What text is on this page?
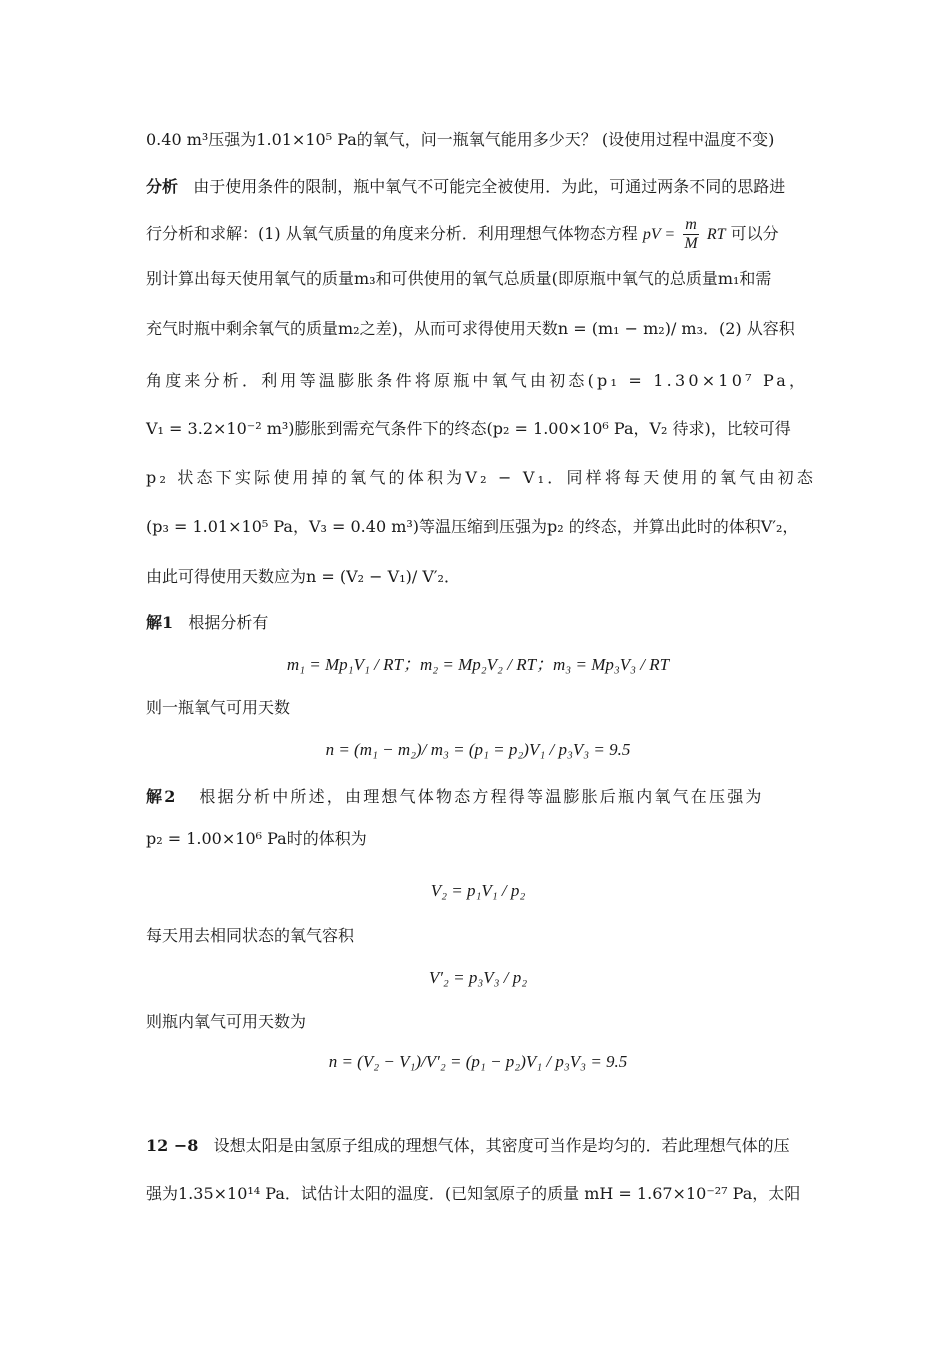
0.40 m³压强为1.01×10⁵ Pa的氧气，问一瓶氧气能用多少天？ (设使用过程中温度不变)
分析 由于使用条件的限制，瓶中氧气不可能完全被使用．为此，可通过两条不同的思路进
行分析和求解：(1) 从氧气质量的角度来分析．利用理想气体物态方程 pV = $\frac{m}{M}$ RT 可以分
别计算出每天使用氧气的质量m₃和可供使用的氧气总质量(即原瓶中氧气的总质量m₁和需
充气时瓶中剩余氧气的质量m₂之差)，从而可求得使用天数n = (m₁ − m₂)/ m₃．(2) 从容积
角度来分析．利用等温膨胀条件将原瓶中氧气由初态(p₁ = 1.30×10⁷ Pa，
V₁ = 3.2×10⁻² m³)膨胀到需充气条件下的终态(p₂ = 1.00×10⁶ Pa，V₂ 待求)，比较可得
p₂ 状态下实际使用掉的氧气的体积为V₂ − V₁．同样将每天使用的氧气由初态
(p₃ = 1.01×10⁵ Pa，V₃ = 0.40 m³)等温压缩到压强为p₂ 的终态，并算出此时的体积V′₂，
由此可得使用天数应为n = (V₂ − V₁)/ V′₂．
解1 根据分析有
m₁ = Mp₁V₁ / RT；m₂ = Mp₂V₂ / RT；m₃ = Mp₃V₃ / RT
则一瓶氧气可用天数
n = (m₁ − m₂)/ m₃ = (p₁ = p₂)V₁ / p₃V₃ = 9.5
解2 根据分析中所述，由理想气体物态方程得等温膨胀后瓶内氧气在压强为
p₂ = 1.00×10⁶ Pa时的体积为
V₂ = p₁V₁ / p₂
每天用去相同状态的氧气容积
V′₂ = p₃V₃ / p₂
则瓶内氧气可用天数为
n = (V₂ − V₁)/V′₂ = (p₁ − p₂)V₁ / p₃V₃ = 9.5
12 −8 设想太阳是由氢原子组成的理想气体，其密度可当作是均匀的．若此理想气体的压
强为1.35×10¹⁴ Pa．试估计太阳的温度．(已知氢原子的质量 mH = 1.67×10⁻²⁷ Pa，太阳
